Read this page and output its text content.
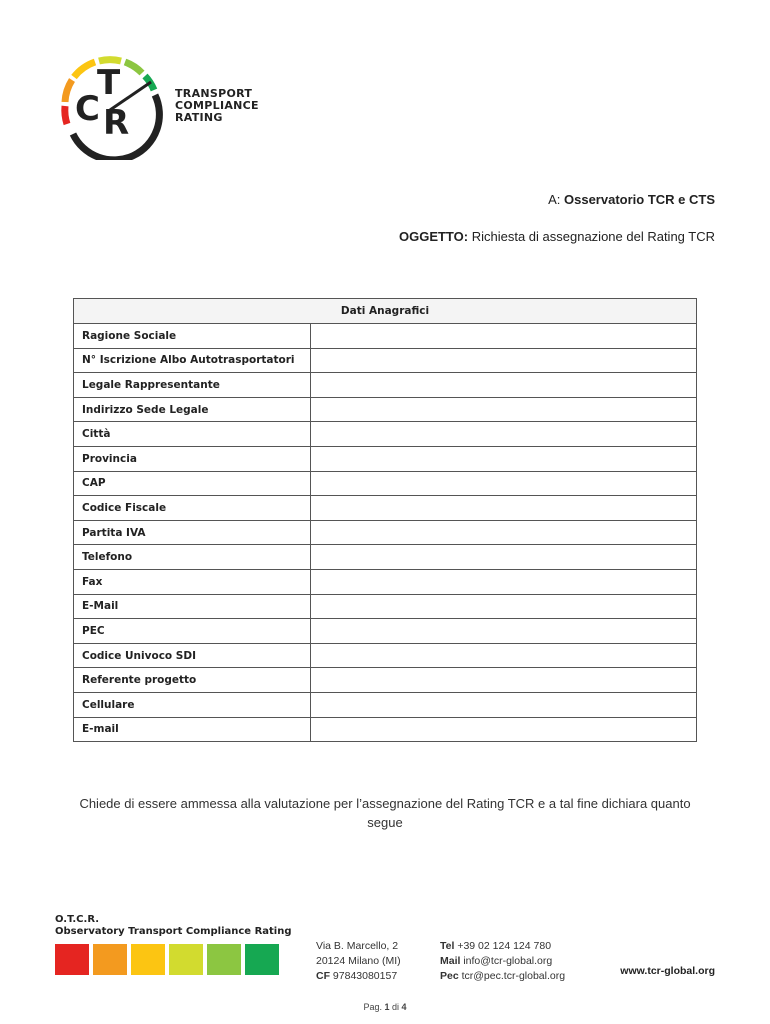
T
C R
TRANSPORT
COMPLIANCE
RATING
A: Osservatorio TCR e CTS
OGGETTO: Richiesta di assegnazione del Rating TCR
Dati Anagrafici	
Ragione Sociale	
N° Iscrizione Albo Autotrasportatori	
Legale Rappresentante	
Indirizzo Sede Legale	
Città	
Provincia	
CAP	
Codice Fiscale	
Partita IVA	
Telefono	
Fax	
E-Mail	
PEC	
Codice Univoco SDI	
Referente progetto	
Cellulare	
E-mail	
Chiede di essere ammessa alla valutazione per l’assegnazione del Rating TCR e a tal fine dichiara quanto segue
O.T.C.R.
Observatory Transport Compliance Rating
Via B. Marcello, 2
20124 Milano (MI)
CF 97843080157
Tel +39 02 124 124 780
Mail info@tcr-global.org
Pec tcr@pec.tcr-global.org	www.tcr-global.org
Pag. 1 di 4
